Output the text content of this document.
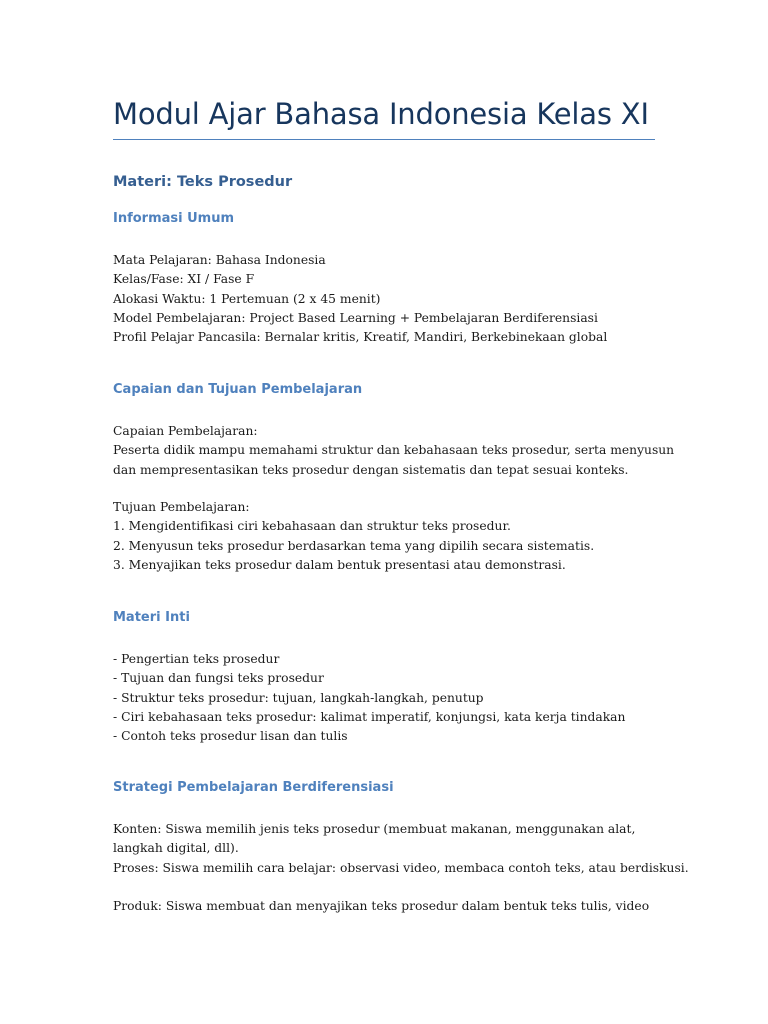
Modul Ajar Bahasa Indonesia Kelas XI
Materi: Teks Prosedur
Informasi Umum
Mata Pelajaran: Bahasa Indonesia
Kelas/Fase: XI / Fase F
Alokasi Waktu: 1 Pertemuan (2 x 45 menit)
Model Pembelajaran: Project Based Learning + Pembelajaran Berdiferensiasi
Profil Pelajar Pancasila: Bernalar kritis, Kreatif, Mandiri, Berkebinekaan global
Capaian dan Tujuan Pembelajaran
Capaian Pembelajaran:
Peserta didik mampu memahami struktur dan kebahasaan teks prosedur, serta menyusun
dan mempresentasikan teks prosedur dengan sistematis dan tepat sesuai konteks.
Tujuan Pembelajaran:
1. Mengidentifikasi ciri kebahasaan dan struktur teks prosedur.
2. Menyusun teks prosedur berdasarkan tema yang dipilih secara sistematis.
3. Menyajikan teks prosedur dalam bentuk presentasi atau demonstrasi.
Materi Inti
- Pengertian teks prosedur
- Tujuan dan fungsi teks prosedur
- Struktur teks prosedur: tujuan, langkah-langkah, penutup
- Ciri kebahasaan teks prosedur: kalimat imperatif, konjungsi, kata kerja tindakan
- Contoh teks prosedur lisan dan tulis
Strategi Pembelajaran Berdiferensiasi
Konten: Siswa memilih jenis teks prosedur (membuat makanan, menggunakan alat, langkah digital, dll).
Proses: Siswa memilih cara belajar: observasi video, membaca contoh teks, atau berdiskusi.
Produk: Siswa membuat dan menyajikan teks prosedur dalam bentuk teks tulis, video
